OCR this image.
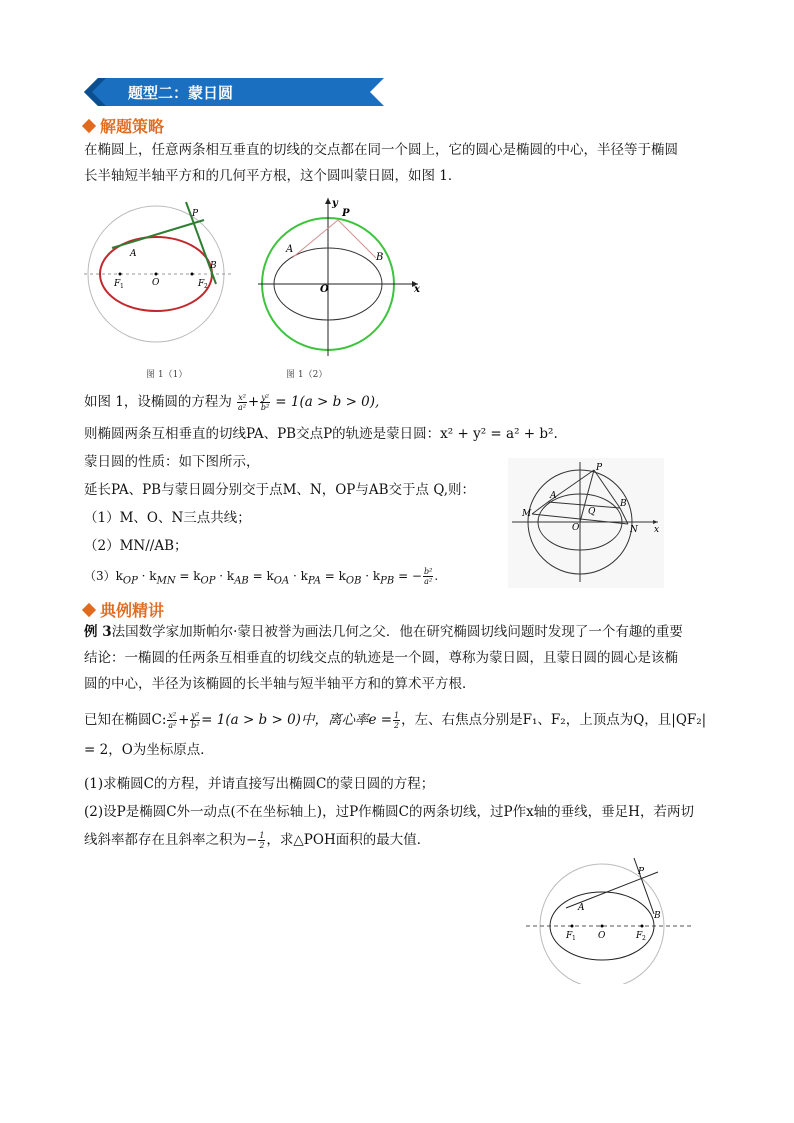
题型二：蒙日圆
解题策略
在椭圆上，任意两条相互垂直的切线的交点都在同一个圆上，它的圆心是椭圆的中心，半径等于椭圆
长半轴短半轴平方和的几何平方根，这个圆叫蒙日圆，如图 1．
P
A
B
O
F 1	F 2
图 1（1）
P
y
A
B
O	x
图 1（2）
如图 1，设椭圆的方程为 $\frac{\text{x²}}{\text{a²}} + \frac{\text{y²}}{\text{b²}} = 1(a > b > 0)$,
则椭圆两条互相垂直的切线PA、PB交点P的轨迹是蒙日圆：x² + y² = a² + b².
蒙日圆的性质：如下图所示，
延长PA、PB与蒙日圆分别交于点M、N，OP与AB交于点 Q,则：
（1）M、O、N三点共线；
（2）MN//AB；
$(3)k_{OP} \cdot k_{MN} = k_{OP} \cdot k_{AB} = k_{OA} \cdot k_{PA} = k_{OB} \cdot k_{PB}$ = − $\frac{\text{b²}}{\text{a²}}$ .
P
A
B
M
N
O
Q
x
典例精讲
例 3法国数学家加斯帕尔·蒙日被誉为画法几何之父．他在研究椭圆切线问题时发现了一个有趣的重要
结论：一椭圆的任两条互相垂直的切线交点的轨迹是一个圆，尊称为蒙日圆，且蒙日圆的圆心是该椭
圆的中心，半径为该椭圆的长半轴与短半轴平方和的算术平方根．
已知在椭圆C: $\frac{\text{x²}}{\text{a²}} + \frac{\text{y²}}{\text{b²}} = 1(a > b > 0)$中，离心率$e = \frac{1}{2}$ ，左、右焦点分别是F₁、F₂，上顶点为Q，且|QF₂|
= 2，O为坐标原点．
(1)求椭圆C的方程，并请直接写出椭圆C的蒙日圆的方程；
(2)设P是椭圆C外一动点(不在坐标轴上)，过P作椭圆C的两条切线，过P作x轴的垂线，垂足H，若两切
线斜率都存在且斜率之积为− $\frac{1}{2}$ ，求△POH面积的最大值．
P
A
B
O
F 1	F 2
